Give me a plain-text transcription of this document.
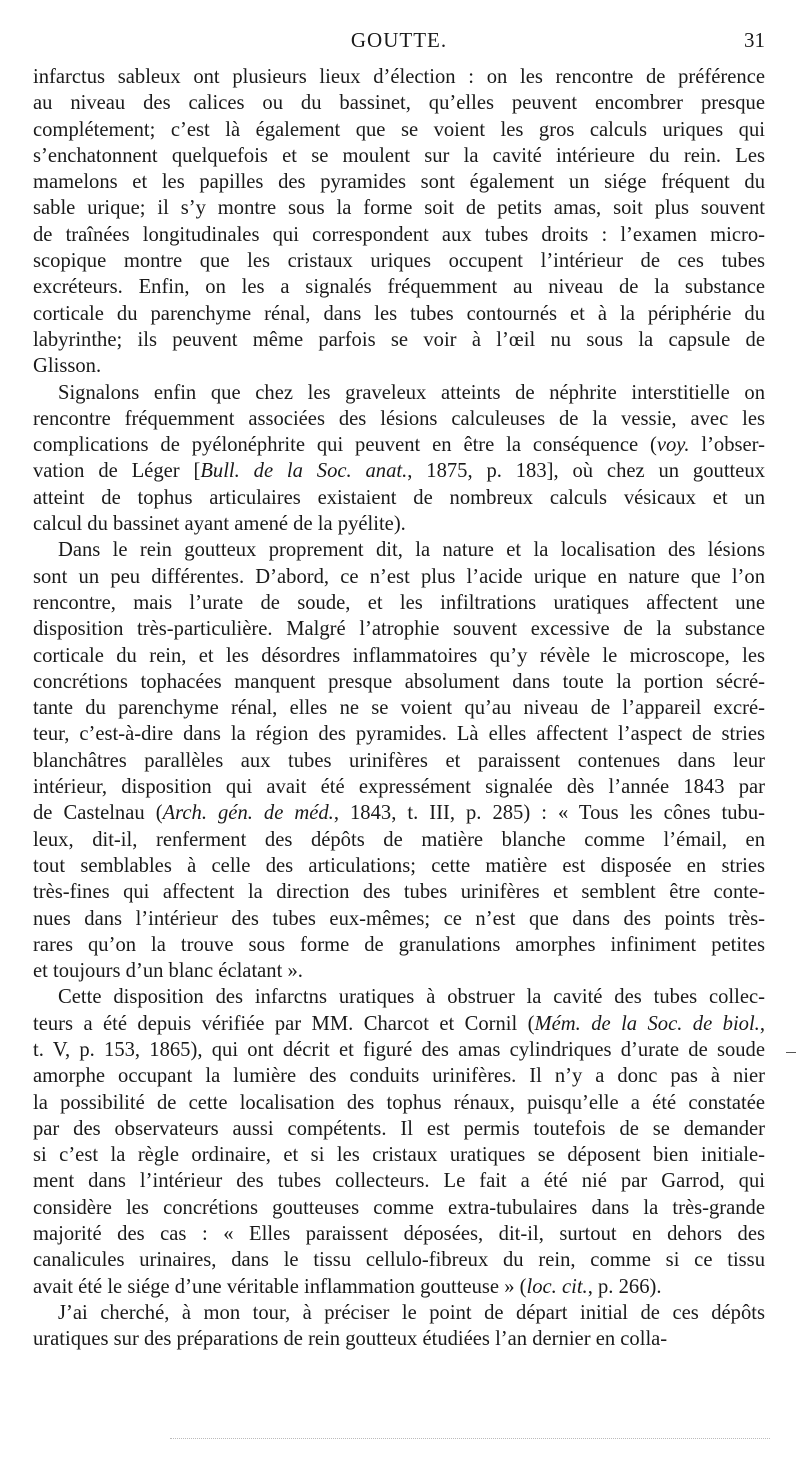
GOUTTE.	31

infarctus sableux ont plusieurs lieux d’élection : on les rencontre de préférence
au niveau des calices ou du bassinet, qu’elles peuvent encombrer presque
complétement; c’est là également que se voient les gros calculs uriques qui
s’enchatonnent quelquefois et se moulent sur la cavité intérieure du rein. Les
mamelons et les papilles des pyramides sont également un siége fréquent du
sable urique; il s’y montre sous la forme soit de petits amas, soit plus souvent
de traînées longitudinales qui correspondent aux tubes droits : l’examen micro-
scopique montre que les cristaux uriques occupent l’intérieur de ces tubes
excréteurs. Enfin, on les a signalés fréquemment au niveau de la substance
corticale du parenchyme rénal, dans les tubes contournés et à la périphérie du
labyrinthe; ils peuvent même parfois se voir à l’œil nu sous la capsule de
Glisson.

Signalons enfin que chez les graveleux atteints de néphrite interstitielle on
rencontre fréquemment associées des lésions calculeuses de la vessie, avec les
complications de pyélonéphrite qui peuvent en être la conséquence (voy. l’obser-
vation de Léger [Bull. de la Soc. anat., 1875, p. 183], où chez un goutteux
atteint de tophus articulaires existaient de nombreux calculs vésicaux et un
calcul du bassinet ayant amené de la pyélite).

Dans le rein goutteux proprement dit, la nature et la localisation des lésions
sont un peu différentes. D’abord, ce n’est plus l’acide urique en nature que l’on
rencontre, mais l’urate de soude, et les infiltrations uratiques affectent une
disposition très-particulière. Malgré l’atrophie souvent excessive de la substance
corticale du rein, et les désordres inflammatoires qu’y révèle le microscope, les
concrétions tophacées manquent presque absolument dans toute la portion sécré-
tante du parenchyme rénal, elles ne se voient qu’au niveau de l’appareil excré-
teur, c’est-à-dire dans la région des pyramides. Là elles affectent l’aspect de stries
blanchâtres parallèles aux tubes urinifères et paraissent contenues dans leur
intérieur, disposition qui avait été expressément signalée dès l’année 1843 par
de Castelnau (Arch. gén. de méd., 1843, t. III, p. 285) : « Tous les cônes tubu-
leux, dit-il, renferment des dépôts de matière blanche comme l’émail, en
tout semblables à celle des articulations; cette matière est disposée en stries
très-fines qui affectent la direction des tubes urinifères et semblent être conte-
nues dans l’intérieur des tubes eux-mêmes; ce n’est que dans des points très-
rares qu’on la trouve sous forme de granulations amorphes infiniment petites
et toujours d’un blanc éclatant ».

Cette disposition des infarctns uratiques à obstruer la cavité des tubes collec-
teurs a été depuis vérifiée par MM. Charcot et Cornil (Mém. de la Soc. de biol.,
t. V, p. 153, 1865), qui ont décrit et figuré des amas cylindriques d’urate de soude
amorphe occupant la lumière des conduits urinifères. Il n’y a donc pas à nier
la possibilité de cette localisation des tophus rénaux, puisqu’elle a été constatée
par des observateurs aussi compétents. Il est permis toutefois de se demander
si c’est la règle ordinaire, et si les cristaux uratiques se déposent bien initiale-
ment dans l’intérieur des tubes collecteurs. Le fait a été nié par Garrod, qui
considère les concrétions goutteuses comme extra-tubulaires dans la très-grande
majorité des cas : « Elles paraissent déposées, dit-il, surtout en dehors des
canalicules urinaires, dans le tissu cellulo-fibreux du rein, comme si ce tissu
avait été le siége d’une véritable inflammation goutteuse » (loc. cit., p. 266).

J’ai cherché, à mon tour, à préciser le point de départ initial de ces dépôts
uratiques sur des préparations de rein goutteux étudiées l’an dernier en colla-
